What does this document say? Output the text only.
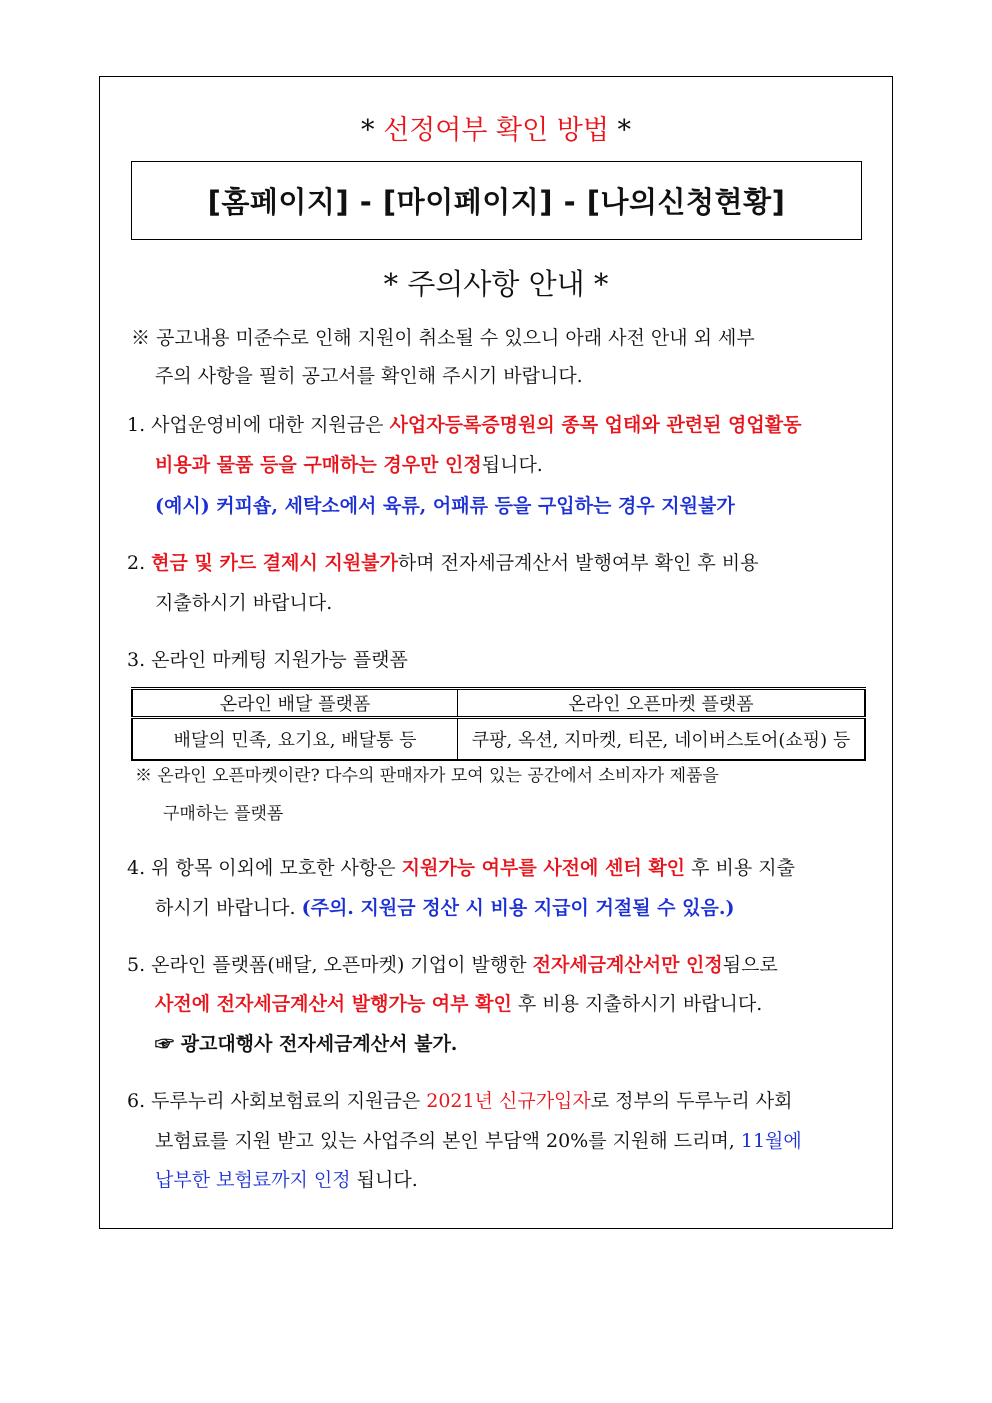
* 선정여부 확인 방법 *
[홈페이지] - [마이페이지] - [나의신청현황]
* 주의사항 안내 *
※ 공고내용 미준수로 인해 지원이 취소될 수 있으니 아래 사전 안내 외 세부
주의 사항을 필히 공고서를 확인해 주시기 바랍니다.
1. 사업운영비에 대한 지원금은 사업자등록증명원의 종목 업태와 관련된 영업활동
비용과 물품 등을 구매하는 경우만 인정됩니다.
(예시) 커피숍, 세탁소에서 육류, 어패류 등을 구입하는 경우 지원불가
2. 현금 및 카드 결제시 지원불가하며 전자세금계산서 발행여부 확인 후 비용
지출하시기 바랍니다.
3. 온라인 마케팅 지원가능 플랫폼
온라인 배달 플랫폼	온라인 오픈마켓 플랫폼
배달의 민족, 요기요, 배달통 등	쿠팡, 옥션, 지마켓, 티몬, 네이버스토어(쇼핑) 등
※ 온라인 오픈마켓이란? 다수의 판매자가 모여 있는 공간에서 소비자가 제품을
구매하는 플랫폼
4. 위 항목 이외에 모호한 사항은 지원가능 여부를 사전에 센터 확인 후 비용 지출
하시기 바랍니다. (주의. 지원금 정산 시 비용 지급이 거절될 수 있음.)
5. 온라인 플랫폼(배달, 오픈마켓) 기업이 발행한 전자세금계산서만 인정됨으로
사전에 전자세금계산서 발행가능 여부 확인 후 비용 지출하시기 바랍니다.
☞ 광고대행사 전자세금계산서 불가.
6. 두루누리 사회보험료의 지원금은 2021년 신규가입자로 정부의 두루누리 사회
보험료를 지원 받고 있는 사업주의 본인 부담액 20%를 지원해 드리며, 11월에
납부한 보험료까지 인정 됩니다.
